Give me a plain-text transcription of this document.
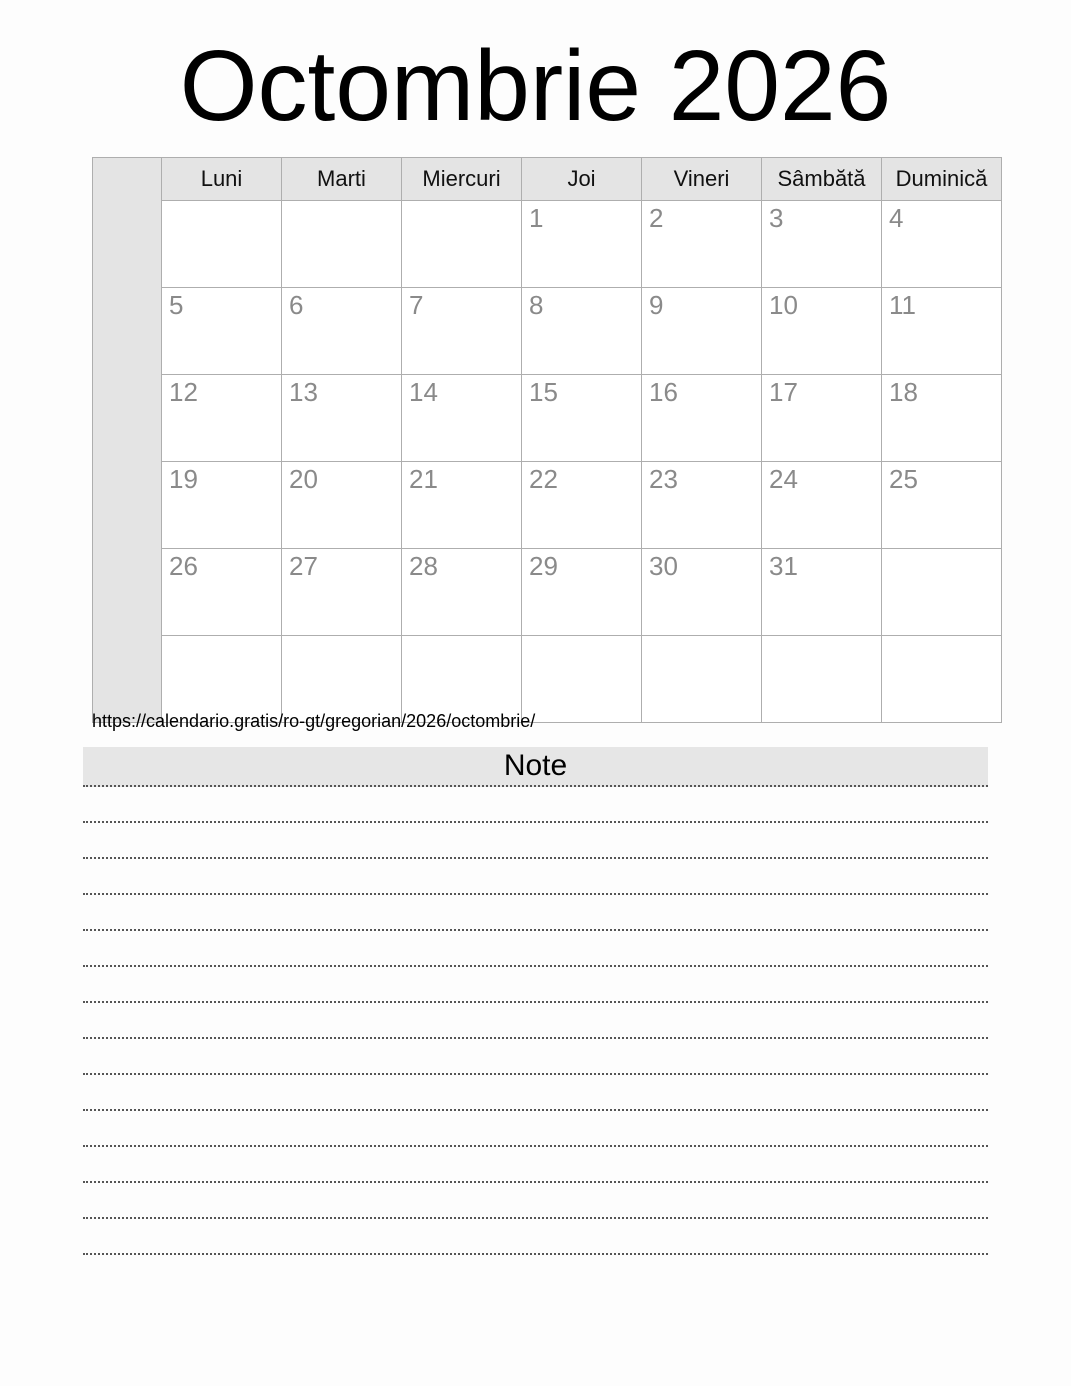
Octombrie 2026
	Luni	Marti	Miercuri	Joi	Vineri	Sâmbătă	Duminică

				1	2	3	4

	5	6	7	8	9	10	11

	12	13	14	15	16	17	18

	19	20	21	22	23	24	25

	26	27	28	29	30	31	

https://calendario.gratis/ro-gt/gregorian/2026/octombrie/
Note
